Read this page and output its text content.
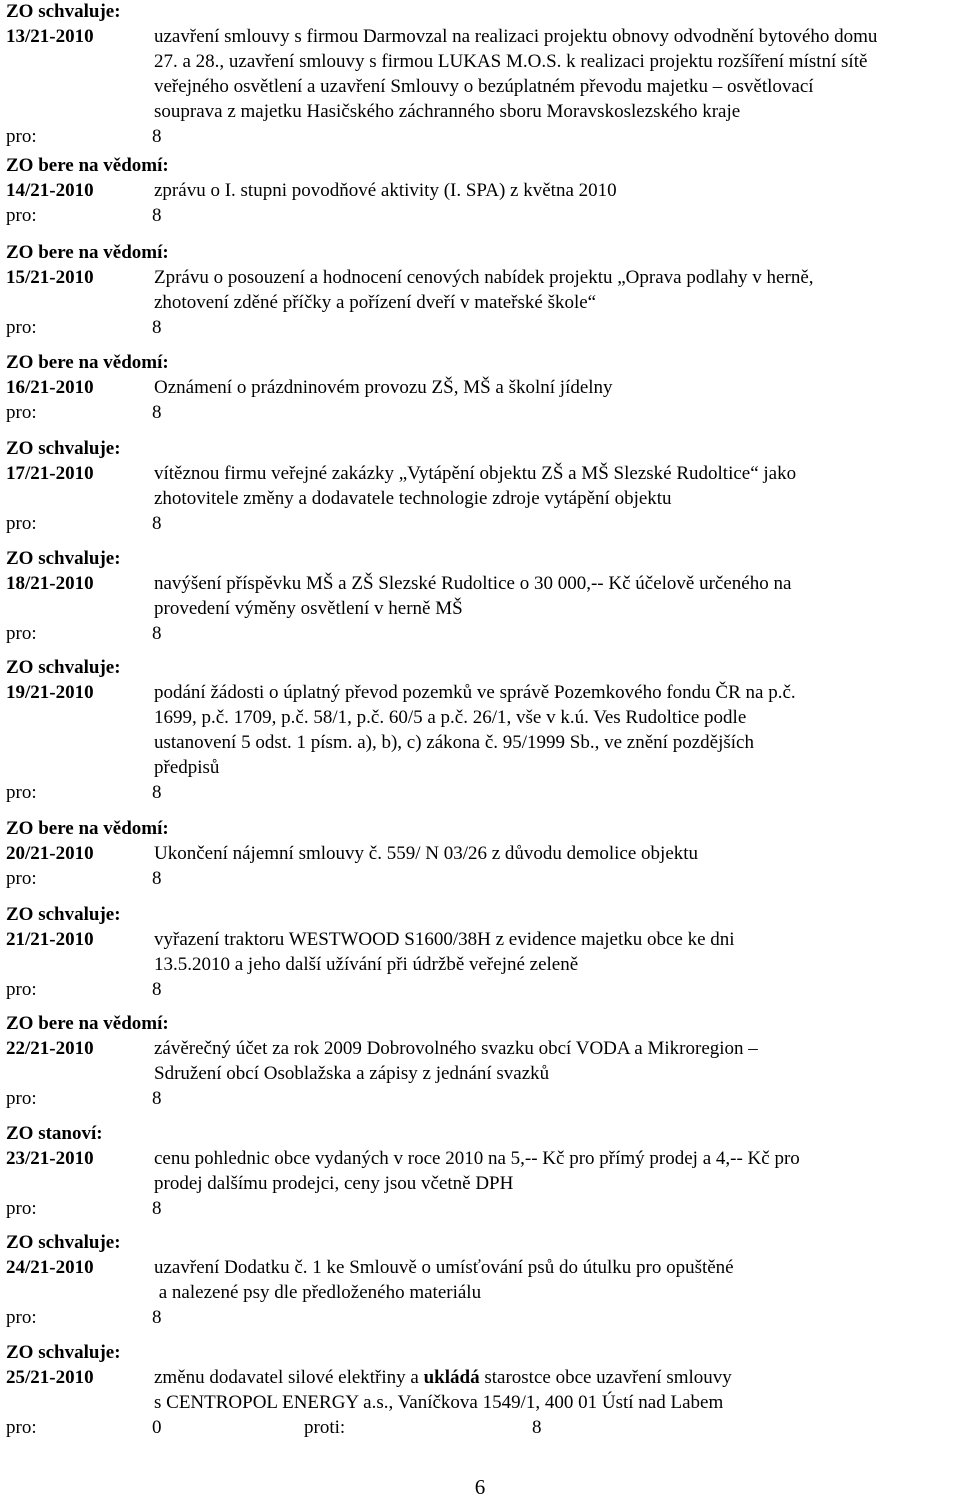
ZO schvaluje:
13/21-2010	uzavření smlouvy s firmou Darmovzal na realizaci projektu obnovy odvodnění bytového domu
27. a 28., uzavření smlouvy s firmou LUKAS M.O.S. k realizaci projektu rozšíření místní sítě
veřejného osvětlení a uzavření Smlouvy o bezúplatném převodu majetku – osvětlovací
souprava z majetku Hasičského záchranného sboru Moravskoslezského kraje
pro:	8
ZO bere na vědomí:
14/21-2010	zprávu o I. stupni povodňové aktivity (I. SPA) z května 2010
pro:	8
ZO bere na vědomí:
15/21-2010	Zprávu o posouzení a hodnocení cenových nabídek projektu „Oprava podlahy v herně,
zhotovení zděné příčky a pořízení dveří v mateřské škole“
pro:	8
ZO bere na vědomí:
16/21-2010	Oznámení o prázdninovém provozu ZŠ, MŠ a školní jídelny
pro:	8
ZO schvaluje:
17/21-2010	vítěznou firmu veřejné zakázky „Vytápění objektu ZŠ a MŠ Slezské Rudoltice“ jako
zhotovitele změny a dodavatele technologie zdroje vytápění objektu
pro:	8
ZO schvaluje:
18/21-2010	navýšení příspěvku MŠ a ZŠ Slezské Rudoltice o 30 000,-- Kč účelově určeného na
provedení výměny osvětlení v herně MŠ
pro:	8
ZO schvaluje:
19/21-2010	podání žádosti o úplatný převod pozemků ve správě Pozemkového fondu ČR na p.č.
1699, p.č. 1709, p.č. 58/1, p.č. 60/5 a p.č. 26/1, vše v k.ú. Ves Rudoltice podle
ustanovení 5 odst. 1 písm. a), b), c) zákona č. 95/1999 Sb., ve znění pozdějších
předpisů
pro:	8
ZO bere na vědomí:
20/21-2010	Ukončení nájemní smlouvy č. 559/ N 03/26 z důvodu demolice objektu
pro:	8
ZO schvaluje:
21/21-2010	vyřazení traktoru WESTWOOD S1600/38H z evidence majetku obce ke dni
13.5.2010 a jeho další užívání při údržbě veřejné zeleně
pro:	8
ZO bere na vědomí:
22/21-2010	závěrečný účet za rok 2009 Dobrovolného svazku obcí VODA a Mikroregion –
Sdružení obcí Osoblažska a zápisy z jednání svazků
pro:	8
ZO stanoví:
23/21-2010	cenu pohlednic obce vydaných v roce 2010 na 5,-- Kč pro přímý prodej a 4,-- Kč pro
prodej dalšímu prodejci, ceny jsou včetně DPH
pro:	8
ZO schvaluje:
24/21-2010	uzavření Dodatku č. 1 ke Smlouvě o umísťování psů do útulku pro opuštěné
a nalezené psy dle předloženého materiálu
pro:	8
ZO schvaluje:
25/21-2010	změnu dodavatel silové elektřiny a ukládá starostce obce uzavření smlouvy
s CENTROPOL ENERGY a.s., Vaníčkova 1549/1, 400 01 Ústí nad Labem
pro:	0	proti:	8
6
